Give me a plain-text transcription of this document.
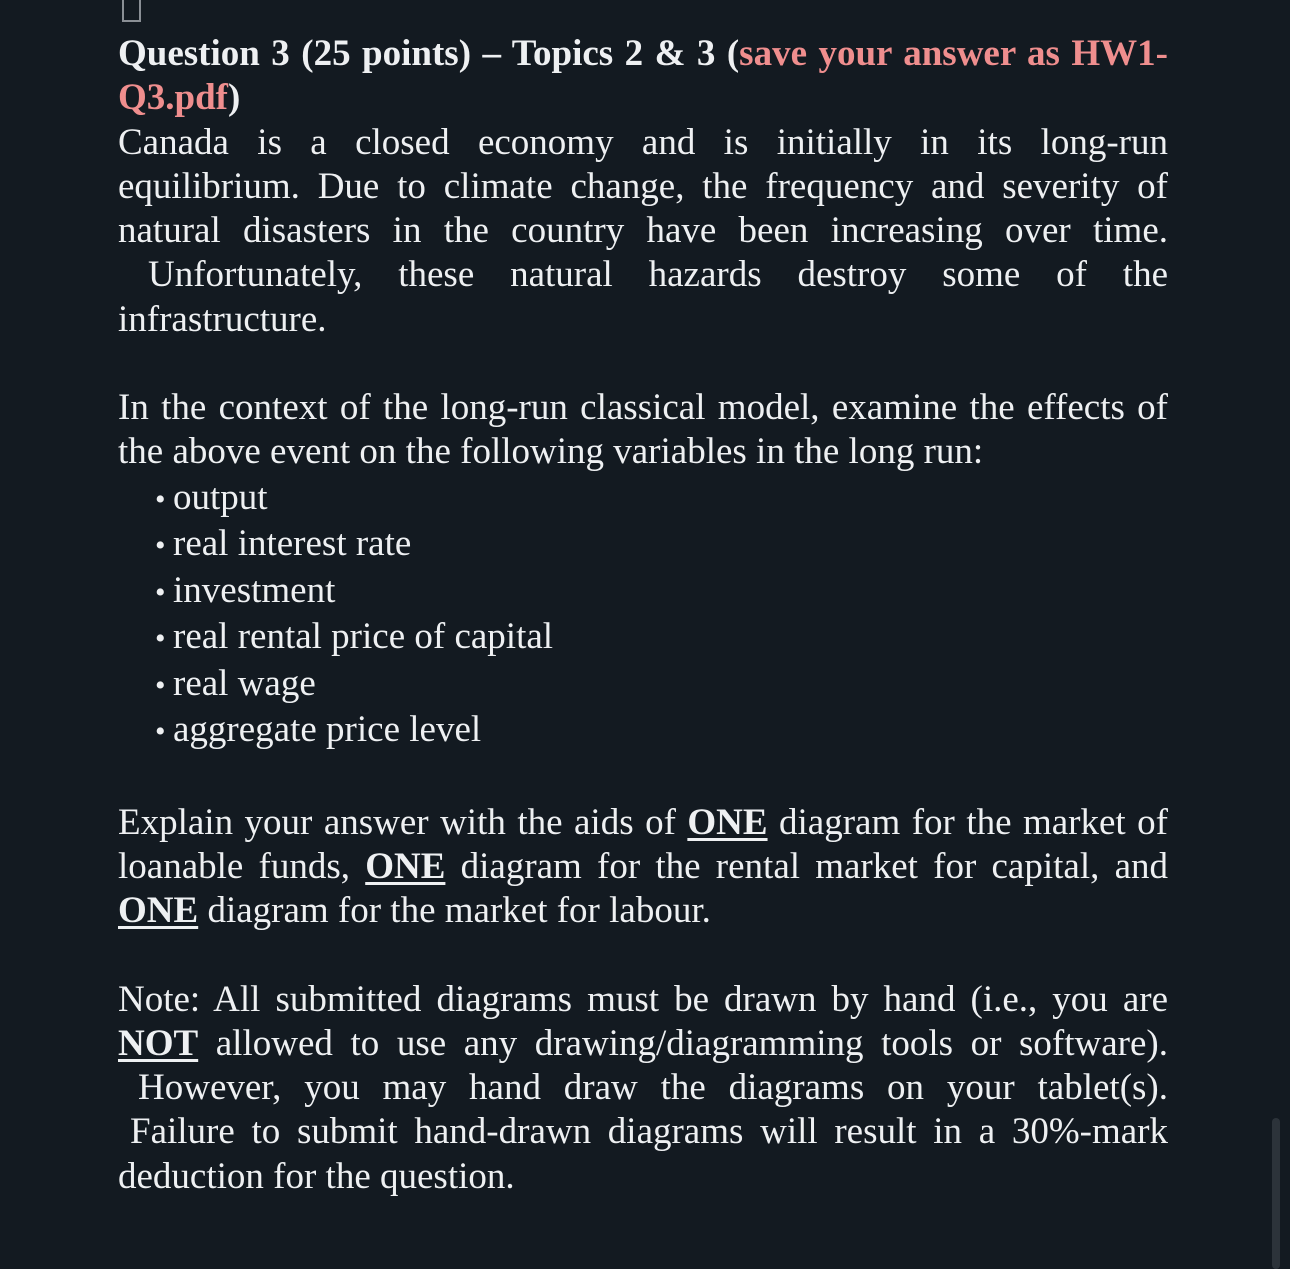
Question 3 (25 points) – Topics 2 & 3 (save your answer as HW1-Q3.pdf)

Canada is a closed economy and is initially in its long-run equilibrium. Due to climate change, the frequency and severity of natural disasters in the country have been increasing over time. Unfortunately, these natural hazards destroy some of the infrastructure.

In the context of the long-run classical model, examine the effects of the above event on the following variables in the long run:

• output
• real interest rate
• investment
• real rental price of capital
• real wage
• aggregate price level

Explain your answer with the aids of ONE diagram for the market of loanable funds, ONE diagram for the rental market for capital, and ONE diagram for the market for labour.

Note: All submitted diagrams must be drawn by hand (i.e., you are NOT allowed to use any drawing/diagramming tools or software). However, you may hand draw the diagrams on your tablet(s). Failure to submit hand-drawn diagrams will result in a 30%-mark deduction for the question.
